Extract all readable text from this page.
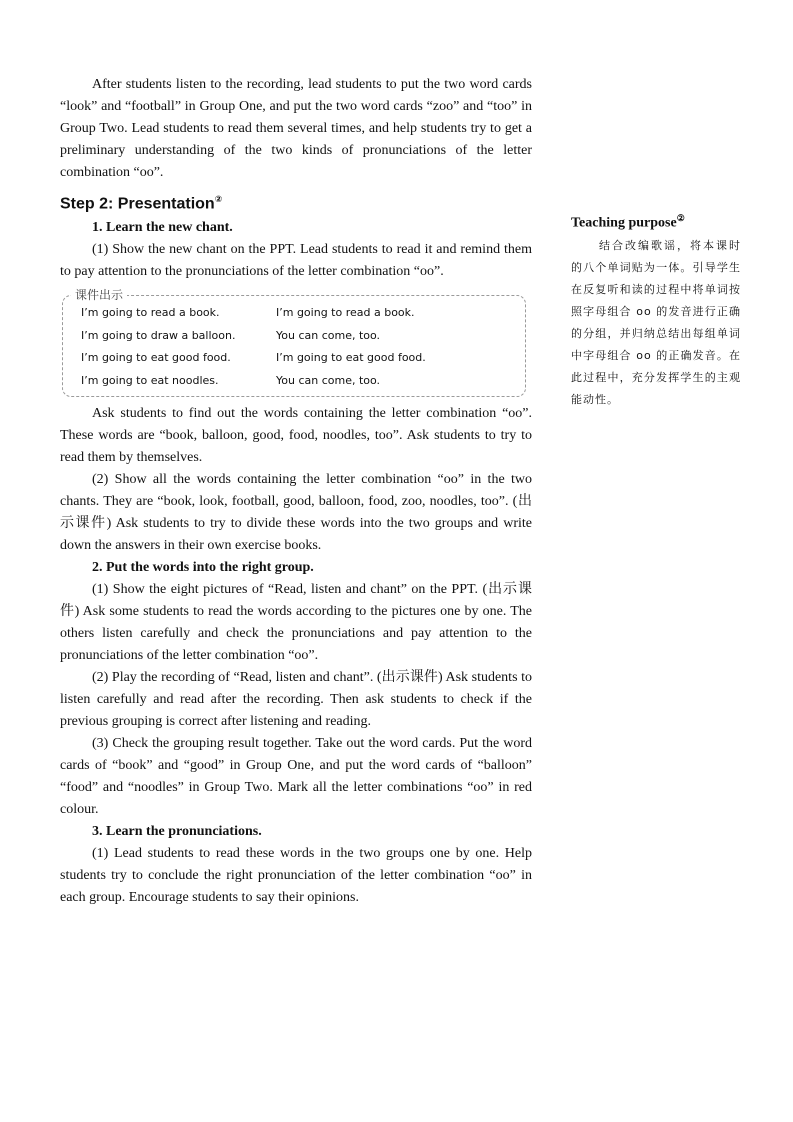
After students listen to the recording, lead students to put the two word cards “look” and “football” in Group One, and put the two word cards “zoo” and “too” in Group Two. Lead students to read them several times, and help students try to get a preliminary understanding of the two kinds of pronunciations of the letter combination “oo”.

Step 2: Presentation②

1. Learn the new chant.

(1) Show the new chant on the PPT. Lead students to read it and remind them to pay attention to the pronunciations of the letter combination “oo”.

课件出示
I’m going to read a book.	I’m going to read a book.
I’m going to draw a balloon.	You can come, too.
I’m going to eat good food.	I’m going to eat good food.
I’m going to eat noodles.	You can come, too.

Ask students to find out the words containing the letter combination “oo”. These words are “book, balloon, good, food, noodles, too”. Ask students to try to read them by themselves.

(2) Show all the words containing the letter combination “oo” in the two chants. They are “book, look, football, good, balloon, food, zoo, noodles, too”. (出示课件) Ask students to try to divide these words into the two groups and write down the answers in their own exercise books.

2. Put the words into the right group.

(1) Show the eight pictures of “Read, listen and chant” on the PPT. (出示课件) Ask some students to read the words according to the pictures one by one. The others listen carefully and check the pronunciations and pay attention to the pronunciations of the letter combination “oo”.

(2) Play the recording of “Read, listen and chant”. (出示课件) Ask students to listen carefully and read after the recording. Then ask students to check if the previous grouping is correct after listening and reading.

(3) Check the grouping result together. Take out the word cards. Put the word cards of “book” and “good” in Group One, and put the word cards of “balloon” “food” and “noodles” in Group Two. Mark all the letter combinations “oo” in red colour.

3. Learn the pronunciations.

(1) Lead students to read these words in the two groups one by one. Help students try to conclude the right pronunciation of the letter combination “oo” in each group. Encourage students to say their opinions.

Teaching purpose②

结合改编歌谣，将本课时的八个单词贴为一体。引导学生在反复听和读的过程中将单词按照字母组合 oo 的发音进行正确的分组，并归纳总结出每组单词中字母组合 oo 的正确发音。在此过程中，充分发挥学生的主观能动性。
